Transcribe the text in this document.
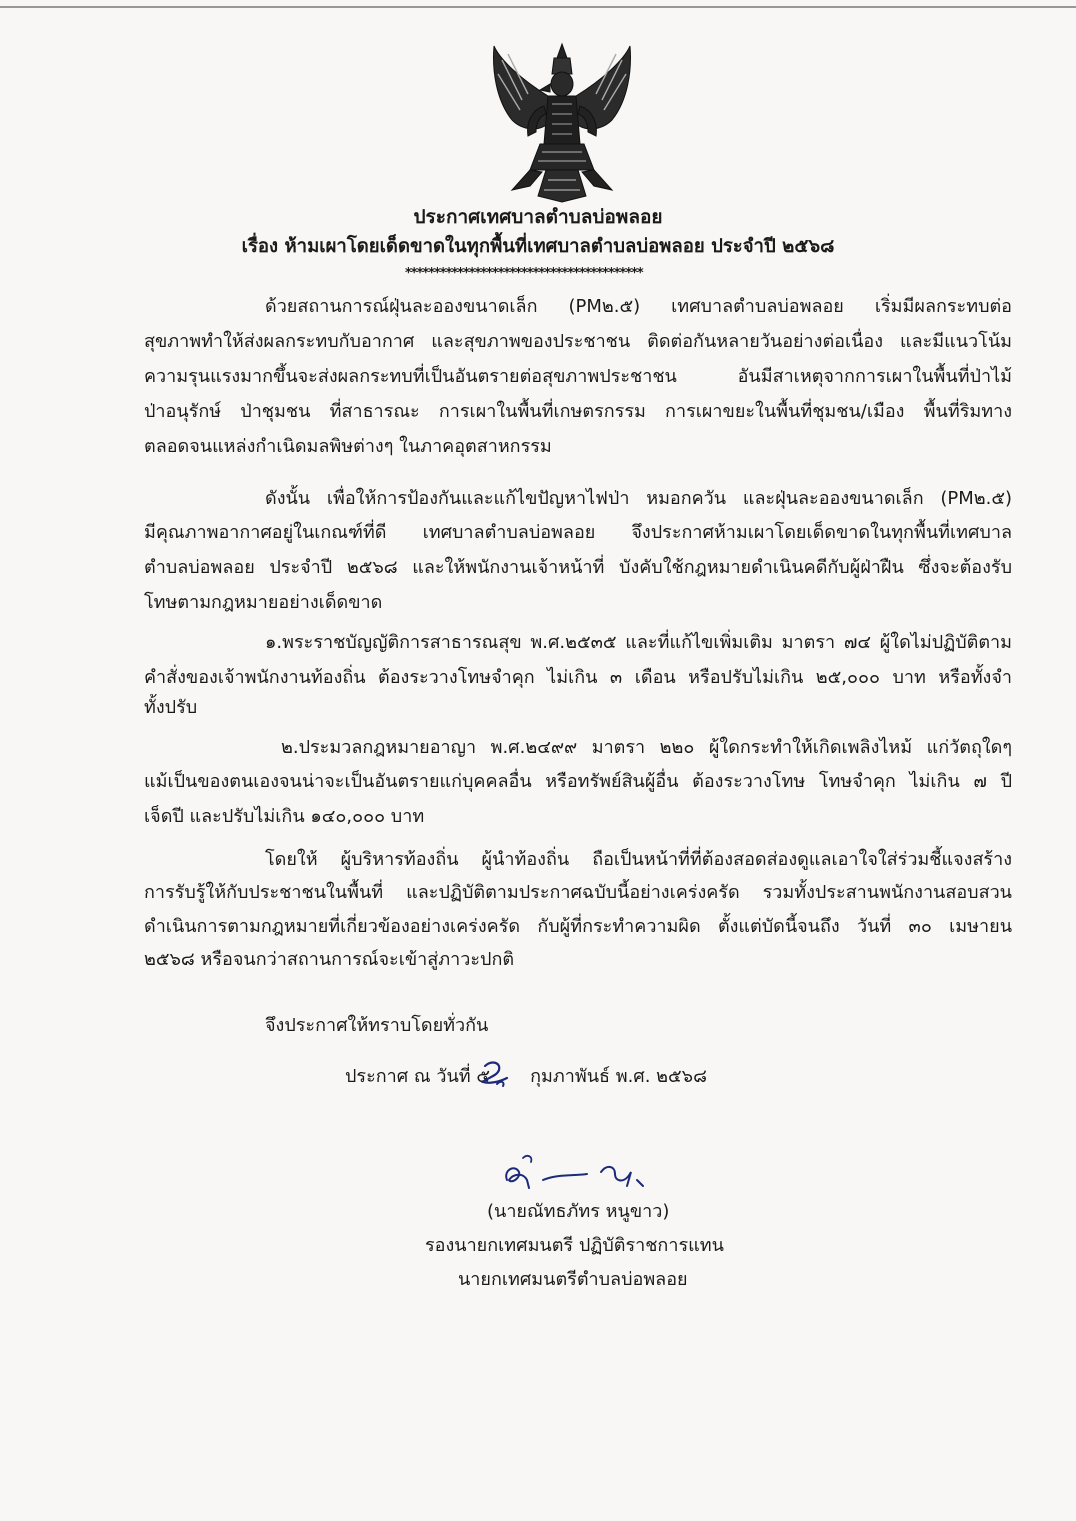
ประกาศเทศบาลตำบลบ่อพลอย
เรื่อง ห้ามเผาโดยเด็ดขาดในทุกพื้นที่เทศบาลตำบลบ่อพลอย ประจำปี ๒๕๖๘
*****************************************
ด้วยสถานการณ์ฝุ่นละอองขนาดเล็ก (PM๒.๕) เทศบาลตำบลบ่อพลอย เริ่มมีผลกระทบต่อ
สุขภาพทำให้ส่งผลกระทบกับอากาศ และสุขภาพของประชาชน ติดต่อกันหลายวันอย่างต่อเนื่อง และมีแนวโน้ม
ความรุนแรงมากขึ้นจะส่งผลกระทบที่เป็นอันตรายต่อสุขภาพประชาชน อันมีสาเหตุจากการเผาในพื้นที่ป่าไม้
ป่าอนุรักษ์ ป่าชุมชน ที่สาธารณะ การเผาในพื้นที่เกษตรกรรม การเผาขยะในพื้นที่ชุมชน/เมือง พื้นที่ริมทาง
ตลอดจนแหล่งกำเนิดมลพิษต่างๆ ในภาคอุตสาหกรรม
ดังนั้น เพื่อให้การป้องกันและแก้ไขปัญหาไฟป่า หมอกควัน และฝุ่นละอองขนาดเล็ก (PM๒.๕)
มีคุณภาพอากาศอยู่ในเกณฑ์ที่ดี เทศบาลตำบลบ่อพลอย จึงประกาศห้ามเผาโดยเด็ดขาดในทุกพื้นที่เทศบาล
ตำบลบ่อพลอย ประจำปี ๒๕๖๘ และให้พนักงานเจ้าหน้าที่ บังคับใช้กฎหมายดำเนินคดีกับผู้ฝ่าฝืน ซึ่งจะต้องรับ
โทษตามกฎหมายอย่างเด็ดขาด
๑.พระราชบัญญัติการสาธารณสุข พ.ศ.๒๕๓๕ และที่แก้ไขเพิ่มเติม มาตรา ๗๔ ผู้ใดไม่ปฏิบัติตาม
คำสั่งของเจ้าพนักงานท้องถิ่น ต้องระวางโทษจำคุก ไม่เกิน ๓ เดือน หรือปรับไม่เกิน ๒๕,๐๐๐ บาท หรือทั้งจำ
ทั้งปรับ
๒.ประมวลกฎหมายอาญา พ.ศ.๒๔๙๙ มาตรา ๒๒๐ ผู้ใดกระทำให้เกิดเพลิงไหม้ แก่วัตถุใดๆ
แม้เป็นของตนเองจนน่าจะเป็นอันตรายแก่บุคคลอื่น หรือทรัพย์สินผู้อื่น ต้องระวางโทษ โทษจำคุก ไม่เกิน ๗ ปี
เจ็ดปี และปรับไม่เกิน ๑๔๐,๐๐๐ บาท
โดยให้ ผู้บริหารท้องถิ่น ผู้นำท้องถิ่น ถือเป็นหน้าที่ที่ต้องสอดส่องดูแลเอาใจใส่ร่วมชี้แจงสร้าง
การรับรู้ให้กับประชาชนในพื้นที่ และปฏิบัติตามประกาศฉบับนี้อย่างเคร่งครัด รวมทั้งประสานพนักงานสอบสวน
ดำเนินการตามกฎหมายที่เกี่ยวข้องอย่างเคร่งครัด กับผู้ที่กระทำความผิด ตั้งแต่บัดนี้จนถึง วันที่ ๓๐ เมษายน
๒๕๖๘ หรือจนกว่าสถานการณ์จะเข้าสู่ภาวะปกติ
จึงประกาศให้ทราบโดยทั่วกัน
ประกาศ ณ วันที่ ๕ กุมภาพันธ์ พ.ศ. ๒๕๖๘
(นายณัทธภัทร หนูขาว)
รองนายกเทศมนตรี ปฏิบัติราชการแทน
นายกเทศมนตรีตำบลบ่อพลอย
